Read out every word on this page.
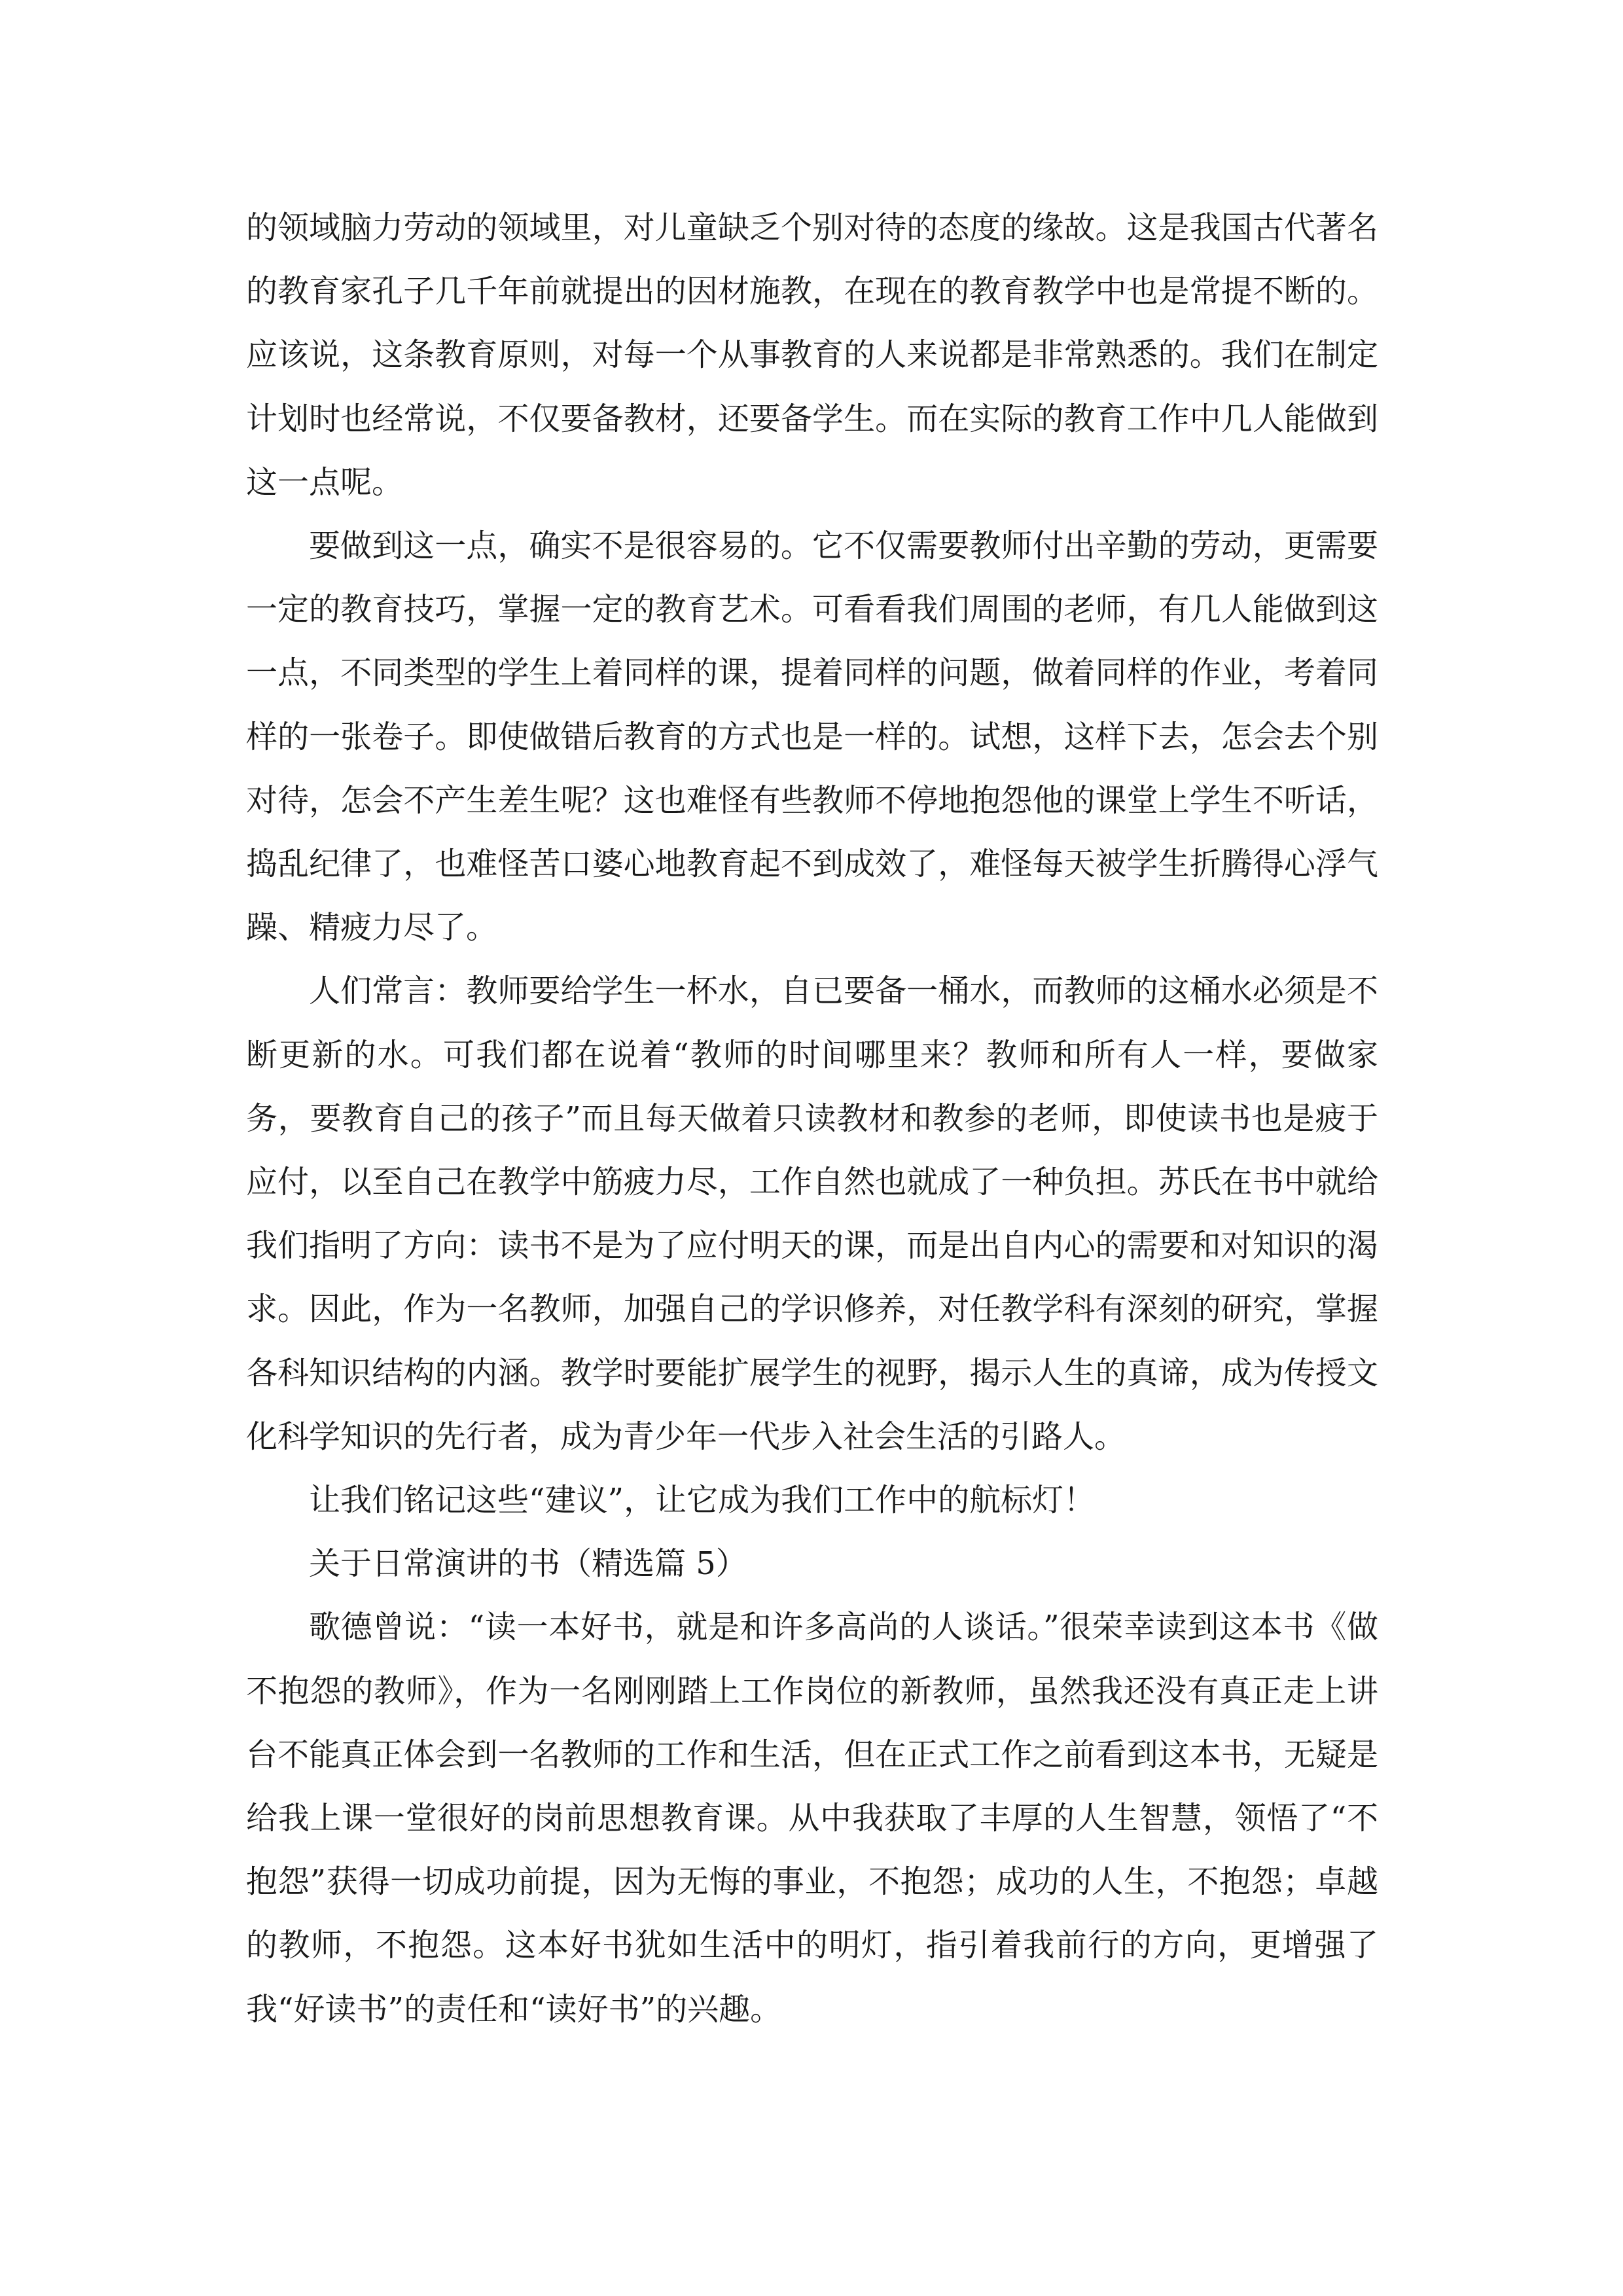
的领域脑力劳动的领域里，对儿童缺乏个别对待的态度的缘故。这是我国古代著名的教育家孔子几千年前就提出的因材施教，在现在的教育教学中也是常提不断的。应该说，这条教育原则，对每一个从事教育的人来说都是非常熟悉的。我们在制定计划时也经常说，不仅要备教材，还要备学生。而在实际的教育工作中几人能做到这一点呢。

要做到这一点，确实不是很容易的。它不仅需要教师付出辛勤的劳动，更需要一定的教育技巧，掌握一定的教育艺术。可看看我们周围的老师，有几人能做到这一点，不同类型的学生上着同样的课，提着同样的问题，做着同样的作业，考着同样的一张卷子。即使做错后教育的方式也是一样的。试想，这样下去，怎会去个别对待，怎会不产生差生呢？这也难怪有些教师不停地抱怨他的课堂上学生不听话，捣乱纪律了，也难怪苦口婆心地教育起不到成效了，难怪每天被学生折腾得心浮气躁、精疲力尽了。

人们常言：教师要给学生一杯水，自已要备一桶水，而教师的这桶水必须是不断更新的水。可我们都在说着“教师的时间哪里来？教师和所有人一样，要做家务，要教育自己的孩子”而且每天做着只读教材和教参的老师，即使读书也是疲于应付，以至自己在教学中筋疲力尽，工作自然也就成了一种负担。苏氏在书中就给我们指明了方向：读书不是为了应付明天的课，而是出自内心的需要和对知识的渴求。因此，作为一名教师，加强自己的学识修养，对任教学科有深刻的研究，掌握各科知识结构的内涵。教学时要能扩展学生的视野，揭示人生的真谛，成为传授文化科学知识的先行者，成为青少年一代步入社会生活的引路人。

让我们铭记这些“建议”，让它成为我们工作中的航标灯！

关于日常演讲的书（精选篇 5）

歌德曾说：“读一本好书，就是和许多高尚的人谈话。”很荣幸读到这本书《做不抱怨的教师》，作为一名刚刚踏上工作岗位的新教师，虽然我还没有真正走上讲台不能真正体会到一名教师的工作和生活，但在正式工作之前看到这本书，无疑是给我上课一堂很好的岗前思想教育课。从中我获取了丰厚的人生智慧，领悟了“不抱怨”获得一切成功前提，因为无悔的事业，不抱怨；成功的人生，不抱怨；卓越的教师，不抱怨。这本好书犹如生活中的明灯，指引着我前行的方向，更增强了我“好读书”的责任和“读好书”的兴趣。
